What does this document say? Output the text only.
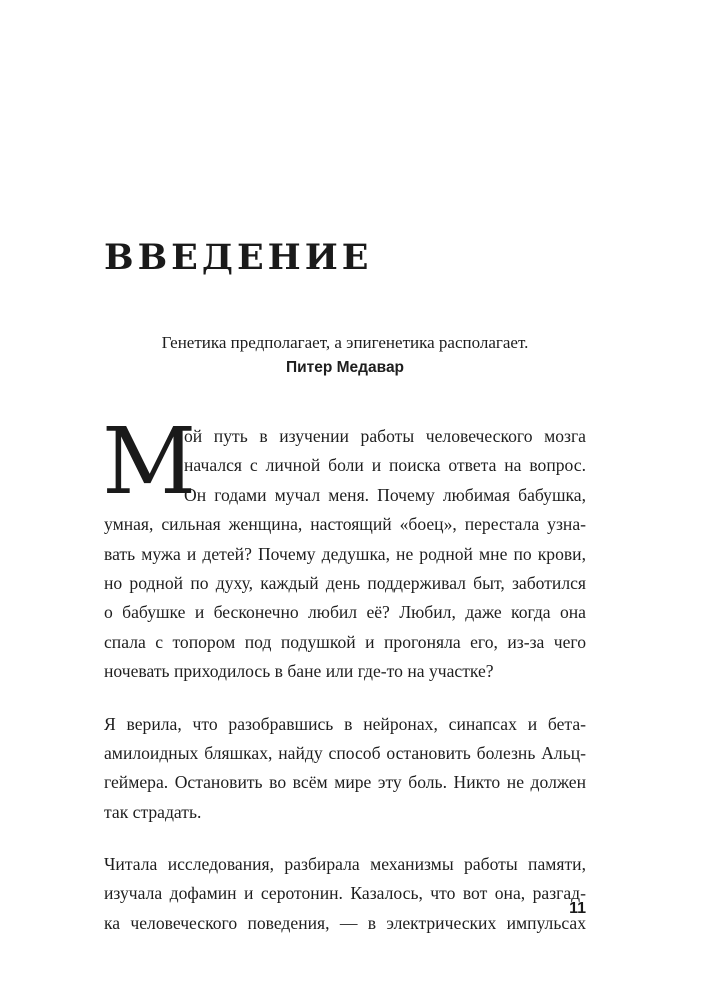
ВВЕДЕНИЕ

Генетика предполагает, а эпигенетика располагает.
Питер Медавар

М
ой путь в изучении работы человеческого мозга
начался с личной боли и поиска ответа на вопрос.
Он годами мучал меня. Почему любимая бабушка,
умная, сильная женщина, настоящий «боец», перестала узна-
вать мужа и детей? Почему дедушка, не родной мне по крови,
но родной по духу, каждый день поддерживал быт, заботился
о бабушке и бесконечно любил её? Любил, даже когда она
спала с топором под подушкой и прогоняла его, из-за чего
ночевать приходилось в бане или где-то на участке?
Я верила, что разобравшись в нейронах, синапсах и бета-
амилоидных бляшках, найду способ остановить болезнь Альц-
геймера. Остановить во всём мире эту боль. Никто не должен
так страдать.
Читала исследования, разбирала механизмы работы памяти,
изучала дофамин и серотонин. Казалось, что вот она, разгад-
ка человеческого поведения, — в электрических импульсах
11
